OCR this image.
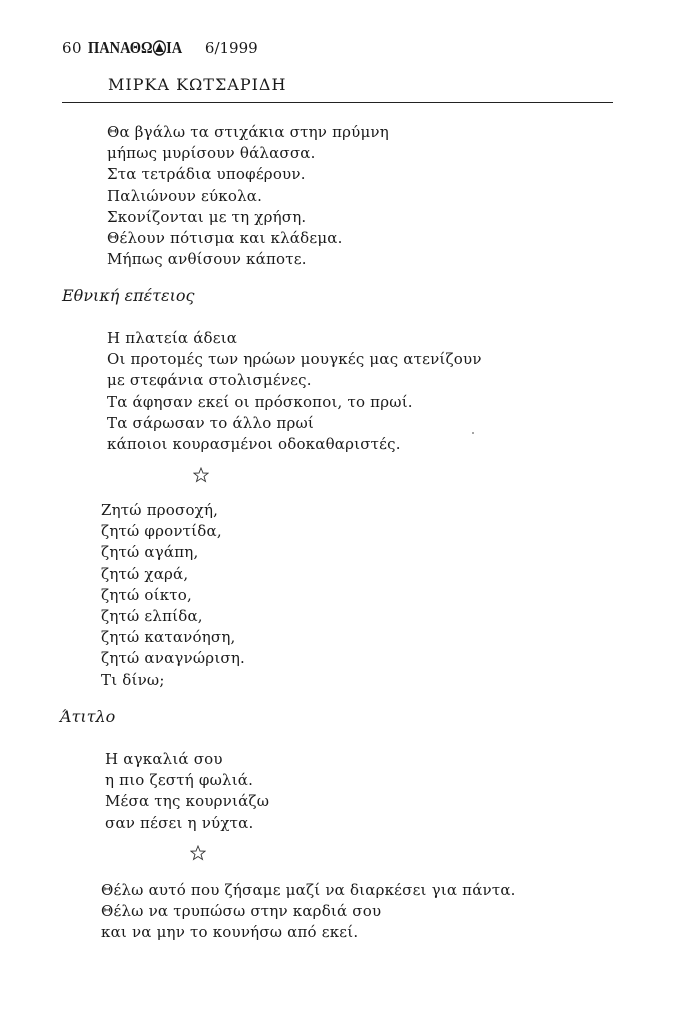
60 ΠΑΝΑΘΩ ΙΑ 6/1999
ΜΙΡΚΑ ΚΩΤΣΑΡΙΔΗ
Θα βγάλω τα στιχάκια στην πρύμνη
μήπως μυρίσουν θάλασσα.
Στα τετράδια υποφέρουν.
Παλιώνουν εύκολα.
Σκονίζονται με τη χρήση.
Θέλουν πότισμα και κλάδεμα.
Μήπως ανθίσουν κάποτε.
Εθνική επέτειος
Η πλατεία άδεια
Οι προτομές των ηρώων μουγκές μας ατενίζουν
με στεφάνια στολισμένες.
Τα άφησαν εκεί οι πρόσκοποι, το πρωί.
Τα σάρωσαν το άλλο πρωί
κάποιοι κουρασμένοι οδοκαθαριστές.
Ζητώ προσοχή,
ζητώ φροντίδα,
ζητώ αγάπη,
ζητώ χαρά,
ζητώ οίκτο,
ζητώ ελπίδα,
ζητώ κατανόηση,
ζητώ αναγνώριση.
Τι δίνω;
Άτιτλο
Η αγκαλιά σου
η πιο ζεστή φωλιά.
Μέσα της κουρνιάζω
σαν πέσει η νύχτα.
Θέλω αυτό που ζήσαμε μαζί να διαρκέσει για πάντα.
Θέλω να τρυπώσω στην καρδιά σου
και να μην το κουνήσω από εκεί.
